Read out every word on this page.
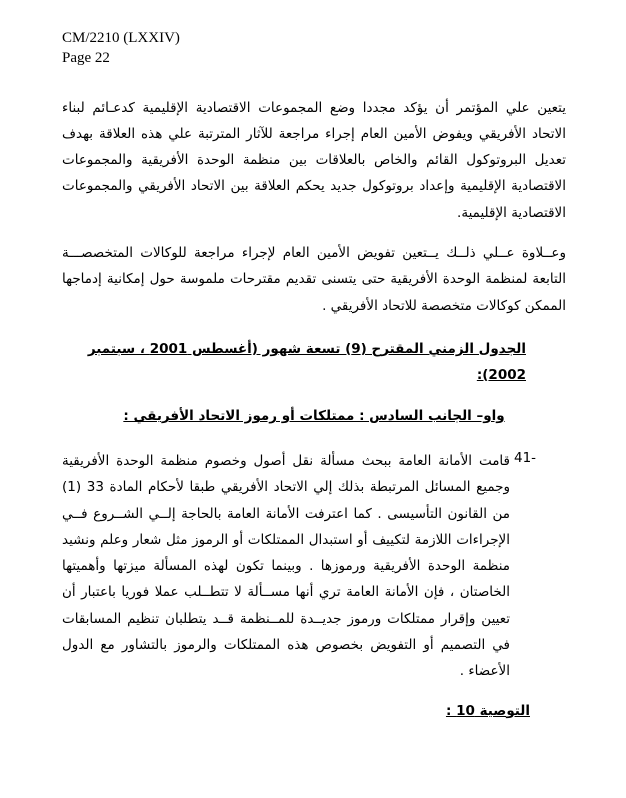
CM/2210 (LXXIV)
Page 22

يتعين علي المؤتمر أن يؤكد مجددا وضع المجموعات الاقتصادية الإقليمية كدعـائم لبناء الاتحاد الأفريقي ويفوض الأمين العام إجراء مراجعة للآثار المترتبة علي هذه العلاقة بهدف تعديل البروتوكول القائم والخاص بالعلاقات بين منظمة الوحدة الأفريقية والمجموعات الاقتصادية الإقليمية وإعداد بروتوكول جديد يحكم العلاقة بين الاتحاد الأفريقي والمجموعات الاقتصادية الإقليمية.

وعــلاوة عــلي ذلــك يــتعين تفويض الأمين العام لإجراء مراجعة للوكالات المتخصصـــة التابعة لمنظمة الوحدة الأفريقية حتى يتسنى تقديم مقترحات ملموسة حول إمكانية إدماجها الممكن كوكالات متخصصة للاتحاد الأفريقي .

الجدول الزمني المقترح (9) تسعة شهور (أغسطس 2001 ، سبتمبر 2002):
واو– الجانب السادس : ممتلكات أو رموز الاتحاد الأفريقي :
41-
قامت الأمانة العامة ببحث مسألة نقل أصول وخصوم منظمة الوحدة الأفريقية وجميع المسائل المرتبطة بذلك إلي الاتحاد الأفريقي طبقا لأحكام المادة 33 (1) من القانون التأسيسى . كما اعترفت الأمانة العامة بالحاجة إلــي الشــروع فــي الإجراءات اللازمة لتكييف أو استبدال الممتلكات أو الرموز مثل شعار وعلم ونشيد منظمة الوحدة الأفريقية ورموزها . وبينما تكون لهذه المسألة ميزتها وأهميتها الخاصتان ، فإن الأمانة العامة تري أنها مســألة لا تتطــلب عملا فوريا باعتبار أن تعيين وإقرار ممتلكات ورموز جديــدة للمــنظمة قــد يتطلبان تنظيم المسابقات في التصميم أو التفويض بخصوص هذه الممتلكات والرموز بالتشاور مع الدول الأعضاء .
التوصية 10 :
